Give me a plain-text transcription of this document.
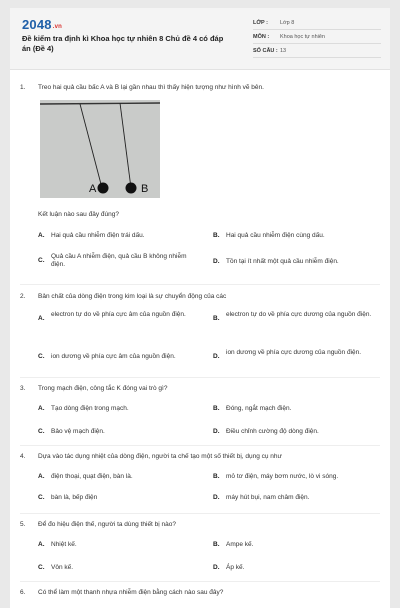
2048.vn
Đề kiểm tra định kì Khoa học tự nhiên 8 Chủ đề 4 có đáp án (Đề 4)
LỚP :	Lớp 8
MÔN :	Khoa học tự nhiên
SỐ CÂU : 13
1. Treo hai quả cầu bấc A và B lại gần nhau thì thấy hiện tượng như hình vẽ bên.
A	B
Kết luận nào sau đây đúng?
A. Hai quả cầu nhiễm điện trái dấu.	B. Hai quả cầu nhiễm điện cùng dấu.
C.
Quả cầu A nhiễm điện, quả cầu B không nhiễm điện.	D. Tồn tại ít nhất một quả cầu nhiễm điện.
2. Bản chất của dòng điện trong kim loại là sự chuyển động của các
A.
electron tự do về phía cực âm của nguồn điện.
B.
electron tự do về phía cực dương của nguồn điện.
C. ion dương về phía cực âm của nguồn điện.	D.
ion dương về phía cực dương của nguồn điện.
3. Trong mạch điện, công tắc K đóng vai trò gì?
A. Tạo dòng điện trong mạch.	B. Đóng, ngắt mạch điện.
C. Bảo vệ mạch điện.	D. Điều chỉnh cường độ dòng điện.
4. Dựa vào tác dụng nhiệt của dòng điện, người ta chế tạo một số thiết bị, dụng cụ như
A. điện thoại, quạt điện, bàn là.	B. mỏ tơ điện, máy bơm nước, lò vi sóng.
C. bàn là, bếp điện	D. máy hút bụi, nam châm điện.
5. Để đo hiệu điện thế, người ta dùng thiết bị nào?
A. Nhiệt kế.	B. Ampe kế.
C. Vôn kế.	D. Áp kế.
6. Có thể làm một thanh nhựa nhiễm điện bằng cách nào sau đây?
